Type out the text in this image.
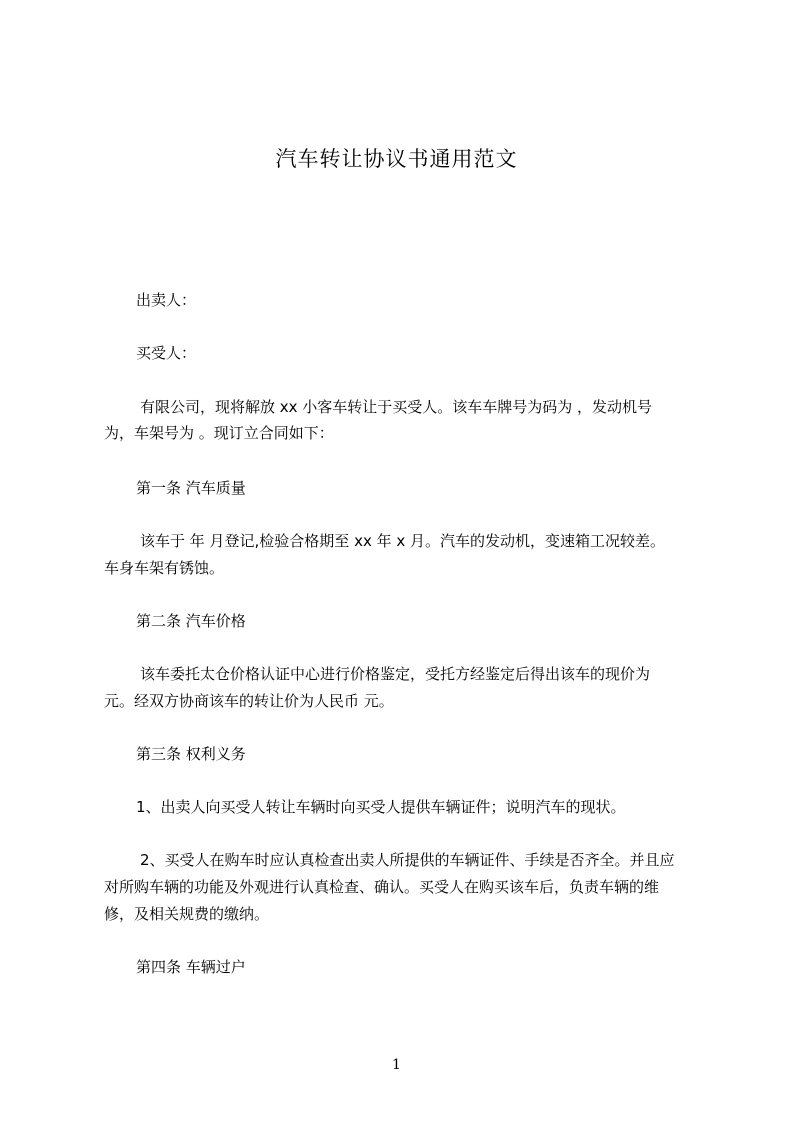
汽车转让协议书通用范文
出卖人：
买受人：
有限公司，现将解放 xx 小客车转让于买受人。该车车牌号为码为 ，发动机号
为，车架号为 。现订立合同如下：
第一条 汽车质量
该车于 年 月登记,检验合格期至 xx 年 x 月。汽车的发动机，变速箱工况较差。
车身车架有锈蚀。
第二条 汽车价格
该车委托太仓价格认证中心进行价格鉴定，受托方经鉴定后得出该车的现价为
元。经双方协商该车的转让价为人民币 元。
第三条 权利义务
1、出卖人向买受人转让车辆时向买受人提供车辆证件；说明汽车的现状。
2、买受人在购车时应认真检查出卖人所提供的车辆证件、手续是否齐全。并且应
对所购车辆的功能及外观进行认真检查、确认。买受人在购买该车后，负责车辆的维
修，及相关规费的缴纳。
第四条 车辆过户
1
